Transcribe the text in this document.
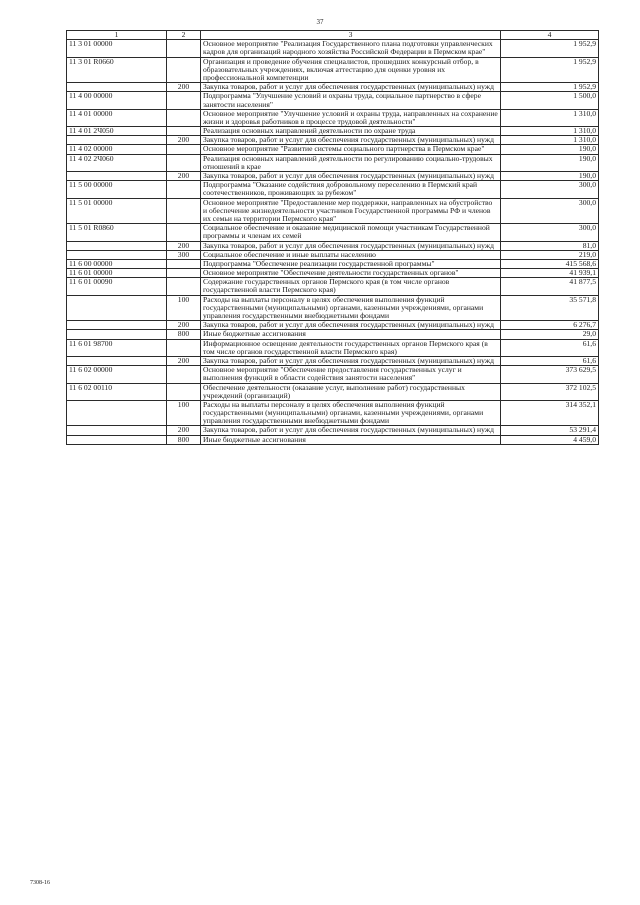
37
1	2	3	4
11 3 01 00000		Основное мероприятие "Реализация Государственного плана подготовки управленческих кадров для организаций народного хозяйства Российской Федерации в Пермском крае"	1 952,9
11 3 01 R0660		Организация и проведение обучения специалистов, прошедших конкурсный отбор, в образовательных учреждениях, включая аттестацию для оценки уровня их профессиональной компетенции	1 952,9
	200	Закупка товаров, работ и услуг для обеспечения государственных (муниципальных) нужд	1 952,9
11 4 00 00000		Подпрограмма "Улучшение условий и охраны труда, социальное партнерство в сфере занятости населения"	1 500,0
11 4 01 00000		Основное мероприятие "Улучшение условий и охраны труда, направленных на сохранение жизни и здоровья работников в процессе трудовой деятельности"	1 310,0
11 4 01 2Ч050		Реализация основных направлений деятельности по охране труда	1 310,0
	200	Закупка товаров, работ и услуг для обеспечения государственных (муниципальных) нужд	1 310,0
11 4 02 00000		Основное мероприятие "Развитие системы социального партнерства в Пермском крае"	190,0
11 4 02 2Ч060		Реализация основных направлений деятельности по регулированию социально-трудовых отношений в крае	190,0
	200	Закупка товаров, работ и услуг для обеспечения государственных (муниципальных) нужд	190,0
11 5 00 00000		Подпрограмма "Оказание содействия добровольному переселению в Пермский край соотечественников, проживающих за рубежом"	300,0
11 5 01 00000		Основное мероприятие "Предоставление мер поддержки, направленных на обустройство и обеспечение жизнедеятельности участников Государственной программы РФ и членов их семьи на территории Пермского края"	300,0
11 5 01 R0860		Социальное обеспечение и оказание медицинской помощи участникам Государственной программы и членам их семей	300,0
	200	Закупка товаров, работ и услуг для обеспечения государственных (муниципальных) нужд	81,0
	300	Социальное обеспечение и иные выплаты населению	219,0
11 6 00 00000		Подпрограмма "Обеспечение реализации государственной программы"	415 568,6
11 6 01 00000		Основное мероприятие "Обеспечение деятельности государственных органов"	41 939,1
11 6 01 00090		Содержание государственных органов Пермского края (в том числе органов государственной власти Пермского края)	41 877,5
	100	Расходы на выплаты персоналу в целях обеспечения выполнения функций государственными (муниципальными) органами, казенными учреждениями, органами управления государственными внебюджетными фондами	35 571,8
	200	Закупка товаров, работ и услуг для обеспечения государственных (муниципальных) нужд	6 276,7
	800	Иные бюджетные ассигнования	29,0
11 6 01 98700		Информационное освещение деятельности государственных органов Пермского края (в том числе органов государственной власти Пермского края)	61,6
	200	Закупка товаров, работ и услуг для обеспечения государственных (муниципальных) нужд	61,6
11 6 02 00000		Основное мероприятие "Обеспечение предоставления государственных услуг и выполнения функций в области содействия занятости населения"	373 629,5
11 6 02 00110		Обеспечение деятельности (оказание услуг, выполнение работ) государственных учреждений (организаций)	372 102,5
	100	Расходы на выплаты персоналу в целях обеспечения выполнения функций государственными (муниципальными) органами, казенными учреждениями, органами управления государственными внебюджетными фондами	314 352,1
	200	Закупка товаров, работ и услуг для обеспечения государственных (муниципальных) нужд	53 291,4
	800	Иные бюджетные ассигнования	4 459,0
7308-16
